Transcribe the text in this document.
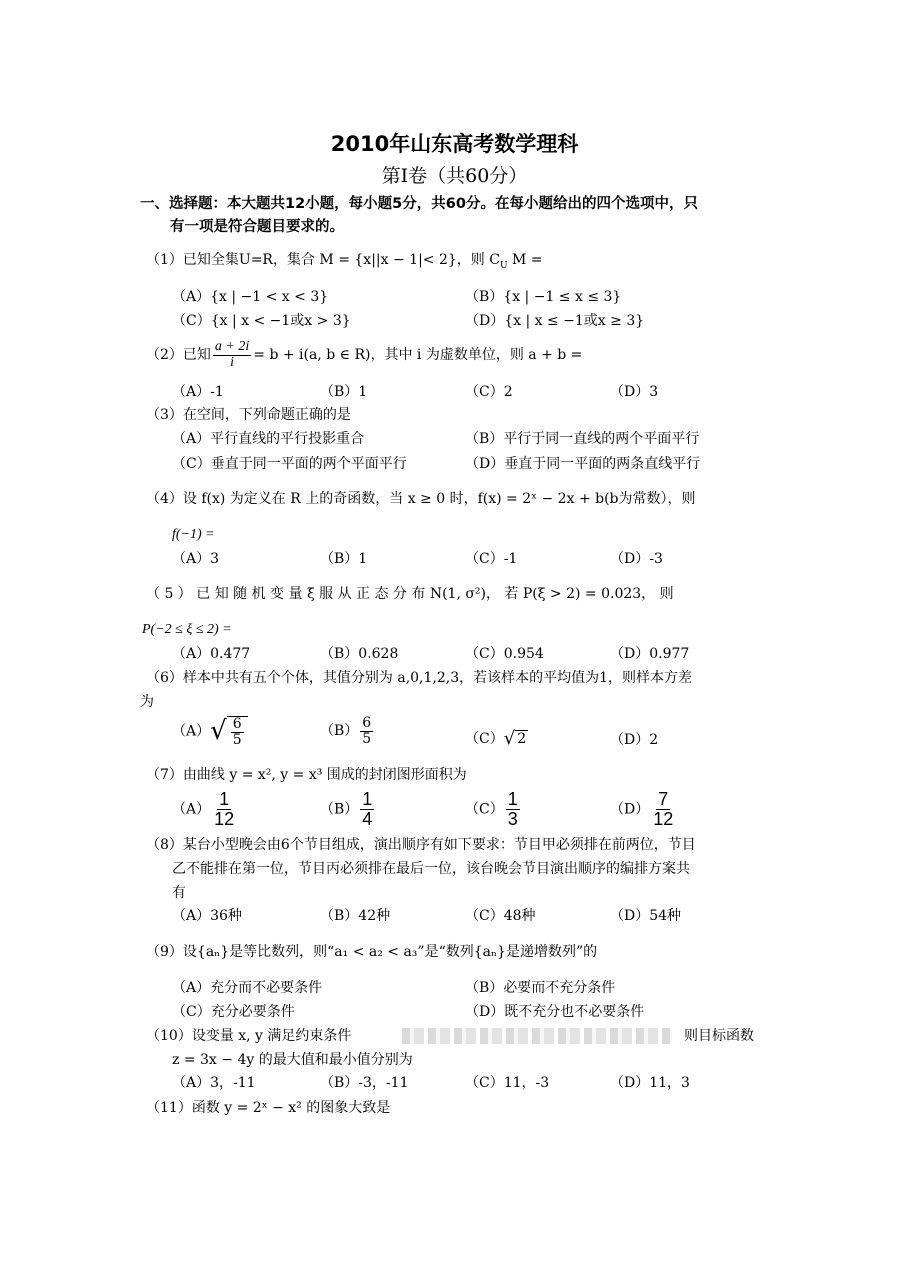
2010年山东高考数学理科
第Ⅰ卷（共60分）
一、选择题：本大题共12小题，每小题5分，共60分。在每小题给出的四个选项中，只
有一项是符合题目要求的。
（1）已知全集U=R，集合 M = {x||x − 1|< 2}，则 $C_U$ M =
（A）{x | −1 < x < 3}	（B）{x | −1 ≤ x ≤ 3}
（C）{x | x < −1或x > 3}	（D）{x | x ≤ −1或x ≥ 3}
（2）已知 $\frac{a + 2i}{i} = b + i(a$, b ∈ R)，其中 i 为虚数单位，则 a + b =
（A）-1	（B）1	（C）2	（D）3
（3）在空间，下列命题正确的是
（A）平行直线的平行投影重合	（B）平行于同一直线的两个平面平行
（C）垂直于同一平面的两个平面平行	（D）垂直于同一平面的两条直线平行
（4）设 f(x) 为定义在 R 上的奇函数，当 x ≥ 0 时，f(x) = 2ˣ − 2x + b(b为常数），则
f(−1) =
（A）3	（B）1	（C）-1	（D）-3
（ 5 ） 已 知 随 机 变 量 ξ 服 从 正 态 分 布 N(1, σ²)， 若 P(ξ > 2) = 0.023， 则
P(−2 ≤ ξ ≤ 2) =
（A）0.477	（B）0.628	（C）0.954	（D）0.977
（6）样本中共有五个个体，其值分别为 a,0,1,2,3，若该样本的平均值为1，则样本方差
为
（A） √ $\frac{6}{5}$	$(B) \frac{6}{5}$	（C） √ 2	（D）2
（7）由曲线 y = x², y = x³ 围成的封闭图形面积为
$(A) \frac{1}{12}$	$(B) \frac{1}{4}$	$(C) \frac{1}{3}$	$(D) \frac{7}{12}$
（8）某台小型晚会由6个节目组成，演出顺序有如下要求：节目甲必须排在前两位，节目
乙不能排在第一位，节目丙必须排在最后一位，该台晚会节目演出顺序的编排方案共
有
（A）36种	（B）42种	（C）48种	（D）54种
（9）设{aₙ}是等比数列，则“a₁ < a₂ < a₃”是“数列{aₙ}是递增数列”的
（A）充分而不必要条件	（B）必要而不充分条件
（C）充分必要条件	（D）既不充分也不必要条件
（10）设变量 x, y 满足约束条件	则目标函数
z = 3x − 4y 的最大值和最小值分别为
（A）3，-11	（B）-3，-11	（C）11，-3	（D）11，3
（11）函数 y = 2ˣ − x² 的图象大致是
